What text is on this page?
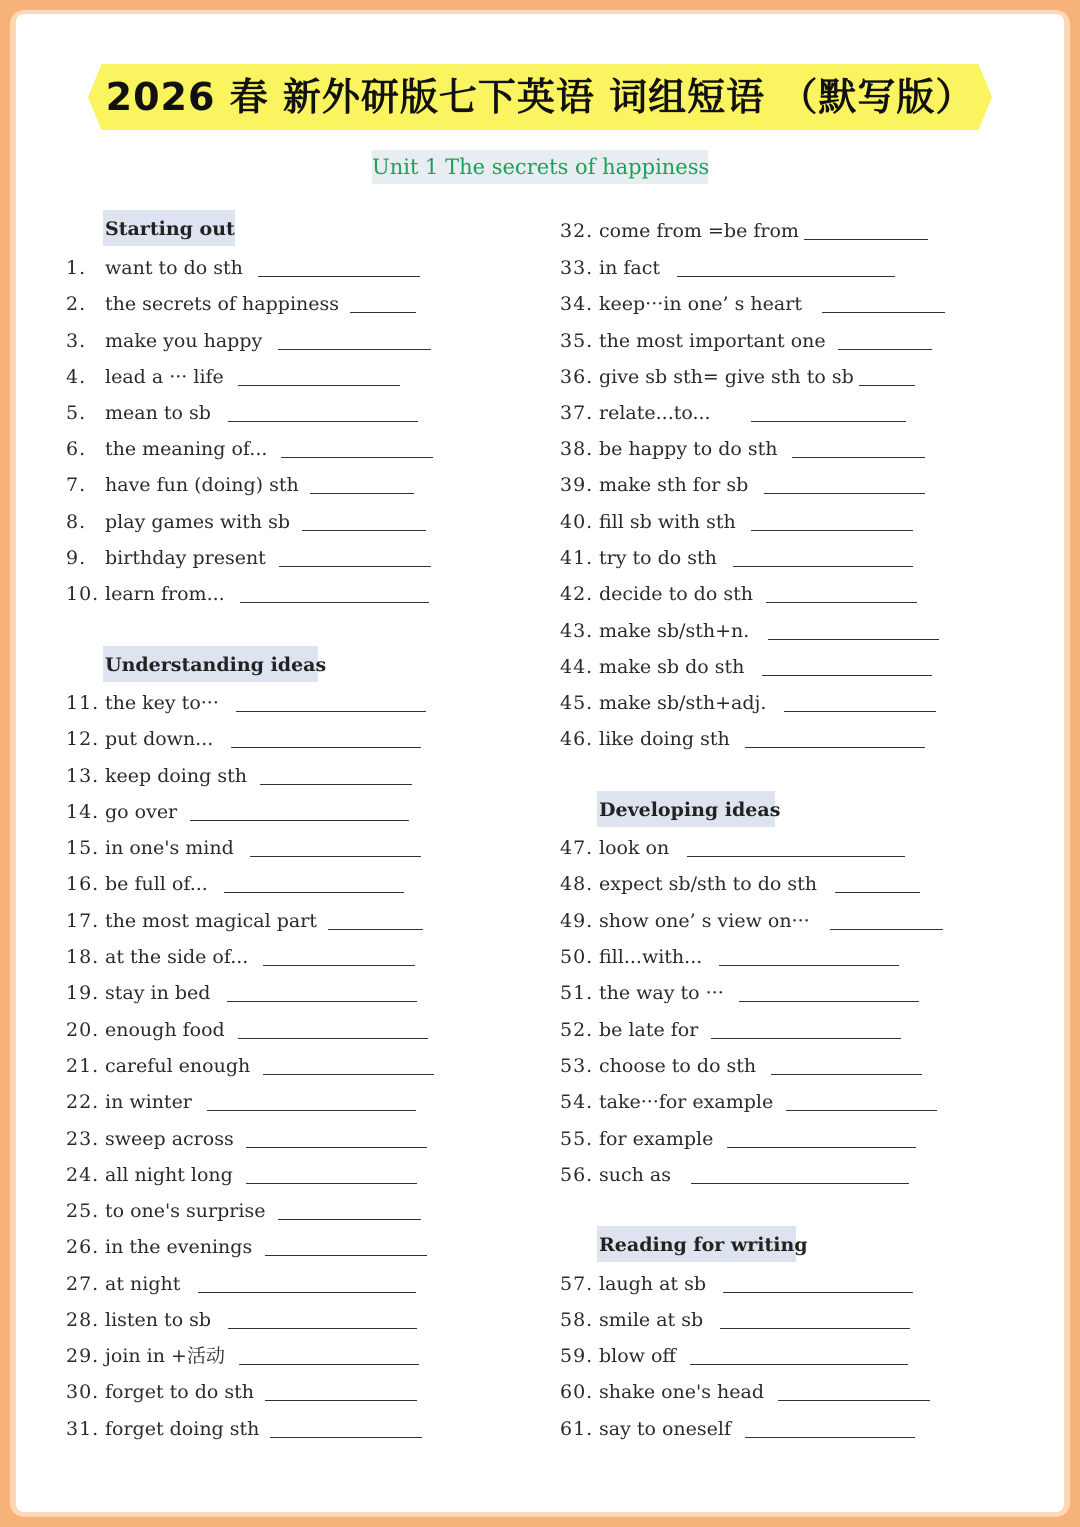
2026 春 新外研版七下英语 词组短语 （默写版）
Unit 1 The secrets of happiness
Starting out
Understanding ideas
Developing ideas
Reading for writing
1. want to do sth
2. the secrets of happiness
3. make you happy
4. lead a ··· life
5. mean to sb
6. the meaning of...
7. have fun (doing) sth
8. play games with sb
9. birthday present
10. learn from...
11. the key to···
12. put down...
13. keep doing sth
14. go over
15. in one's mind
16. be full of...
17. the most magical part
18. at the side of...
19. stay in bed
20. enough food
21. careful enough
22. in winter
23. sweep across
24. all night long
25. to one's surprise
26. in the evenings
27. at night
28. listen to sb
29. join in +活动
30. forget to do sth
31. forget doing sth
32. come from =be from
33. in fact
34. keep···in one’ s heart
35. the most important one
36. give sb sth= give sth to sb
37. relate...to...
38. be happy to do sth
39. make sth for sb
40. fill sb with sth
41. try to do sth
42. decide to do sth
43. make sb/sth+n.
44. make sb do sth
45. make sb/sth+adj.
46. like doing sth
47. look on
48. expect sb/sth to do sth
49. show one’ s view on···
50. fill...with...
51. the way to ···
52. be late for
53. choose to do sth
54. take···for example
55. for example
56. such as
57. laugh at sb
58. smile at sb
59. blow off
60. shake one's head
61. say to oneself
